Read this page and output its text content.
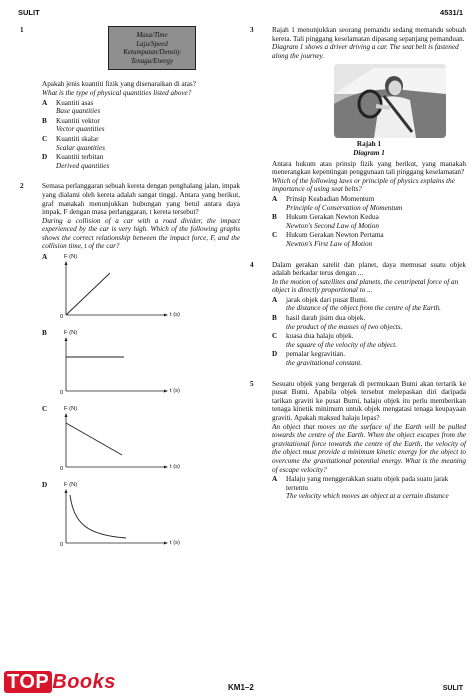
SULIT	4531/1
1
Masa/Time
Laju/Speed
Ketumpatan/Density
Tenaga/Energy
Apakah jenis kuantiti fizik yang disenaraikan di atas?
What is the type of physical quantities listed above?
A Kuantiti asas
Base quantities
B Kuantiti vektor
Vector quantities
C Kuantiti skalar
Scalar quantities
D Kuantiti terbitan
Derived quantities
2	Semasa perlanggaran sebuah kereta dengan penghalang jalan, impak yang dialami oleh kereta adalah sangat tinggi. Antara yang berikut, graf manakah menunjukkan hubungan yang betul antara daya impak, F dengan masa perlanggaran, t kereta tersebut?
During a collision of a car with a road divider, the impact experienced by the car is very high. Which of the following graphs shows the correct relationship between the impact force, F, and the collision time, t of the car?
A	F (N)
0	t (s)
B	F (N)
0	t (s)
C	F (N)
0	t (s)
D	F (N)
0	t (s)
3	Rajah 1 menunjukkan seorang pemandu sedang memandu sebuah kereta. Tali pinggang keselamatan dipasang sepanjang pemanduan.
Diagram 1 shows a driver driving a car. The seat belt is fastened along the journey.
Rajah 1
Diagram 1
Antara hukum atau prinsip fizik yang berikut, yang manakah menerangkan kepentingan penggunaan tali pinggang keselamatan?
Which of the following laws or principle of physics explains the importance of using seat belts?
A Prinsip Keabadian Momentum
Principle of Conservation of Momentum
B Hukum Gerakan Newton Kedua
Newton's Second Law of Motion
C Hukum Gerakan Newton Pertama
Newton's First Law of Motion
4	Dalam gerakan satelit dan planet, daya memusat suatu objek adalah berkadar terus dengan ...
In the motion of satellites and planets, the centripetal force of an object is directly proportional to ...
A jarak objek dari pusat Bumi.
the distance of the object from the centre of the Earth.
B hasil darab jisim dua objek.
the product of the masses of two objects.
C kuasa dua halaju objek.
the square of the velocity of the object.
D pemalar kegravitian.
the gravitational constant.
5	Sesuatu objek yang bergerak di permukaan Bumi akan tertarik ke pusat Bumi. Apabila objek tersebut melepaskan diri daripada tarikan graviti ke pusat Bumi, halaju objek itu perlu memberikan tenaga kinetik minimum untuk objek mengatasi tenaga keupayaan graviti. Apakah maksud halaju lepas?
An object that moves on the surface of the Earth will be pulled towards the centre of the Earth. When the object escapes from the gravitational force towards the centre of the Earth, the velocity of the object must provide a minimum kinetic energy for the object to overcome the gravitational potential energy. What is the meaning of escape velocity?
A Halaju yang menggerakkan suatu objek pada suatu jarak tertentu
The velocity which moves an object at a certain distance
TOP Books	KM1–2	SULIT
